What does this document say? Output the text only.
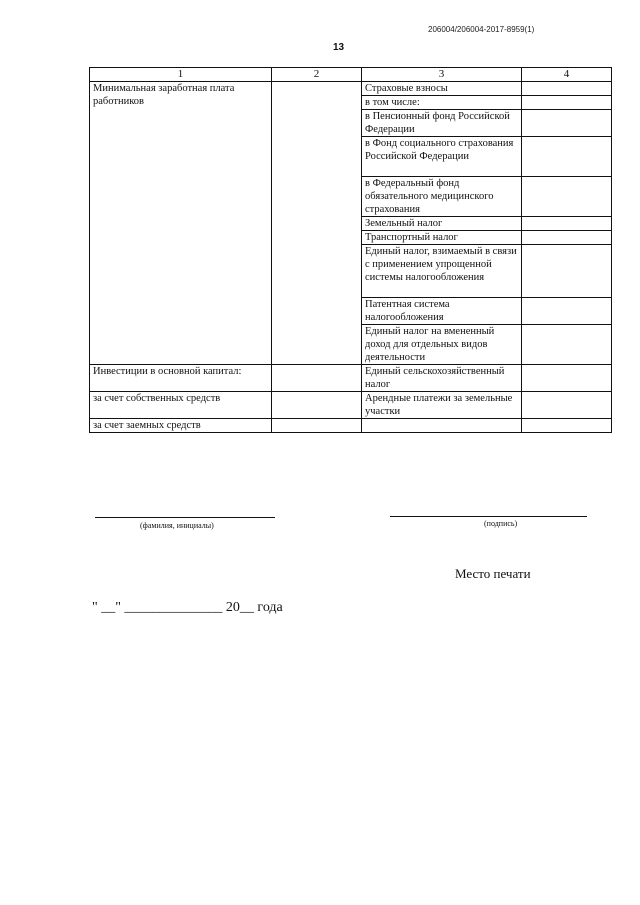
206004/206004-2017-8959(1)
13
1	2	3	4
Минимальная заработная плата работников		Страховые взносы	
		в том числе:	
		в Пенсионный фонд Российской Федерации	
		в Фонд социального страхования Российской Федерации	
		в Федеральный фонд обязательного медицинского страхования	
		Земельный налог	
		Транспортный налог	
		Единый налог, взимаемый в связи с применением упрощенной системы налогообложения	
		Патентная система налогообложения	
		Единый налог на вмененный доход для отдельных видов деятельности	
Инвестиции в основной капитал:		Единый сельскохозяйственный налог	
за счет собственных средств		Арендные платежи за земельные участки	
за счет заемных средств			
(фамилия, инициалы)	(подпись)
Место печати
" __" ______________ 20__ года
